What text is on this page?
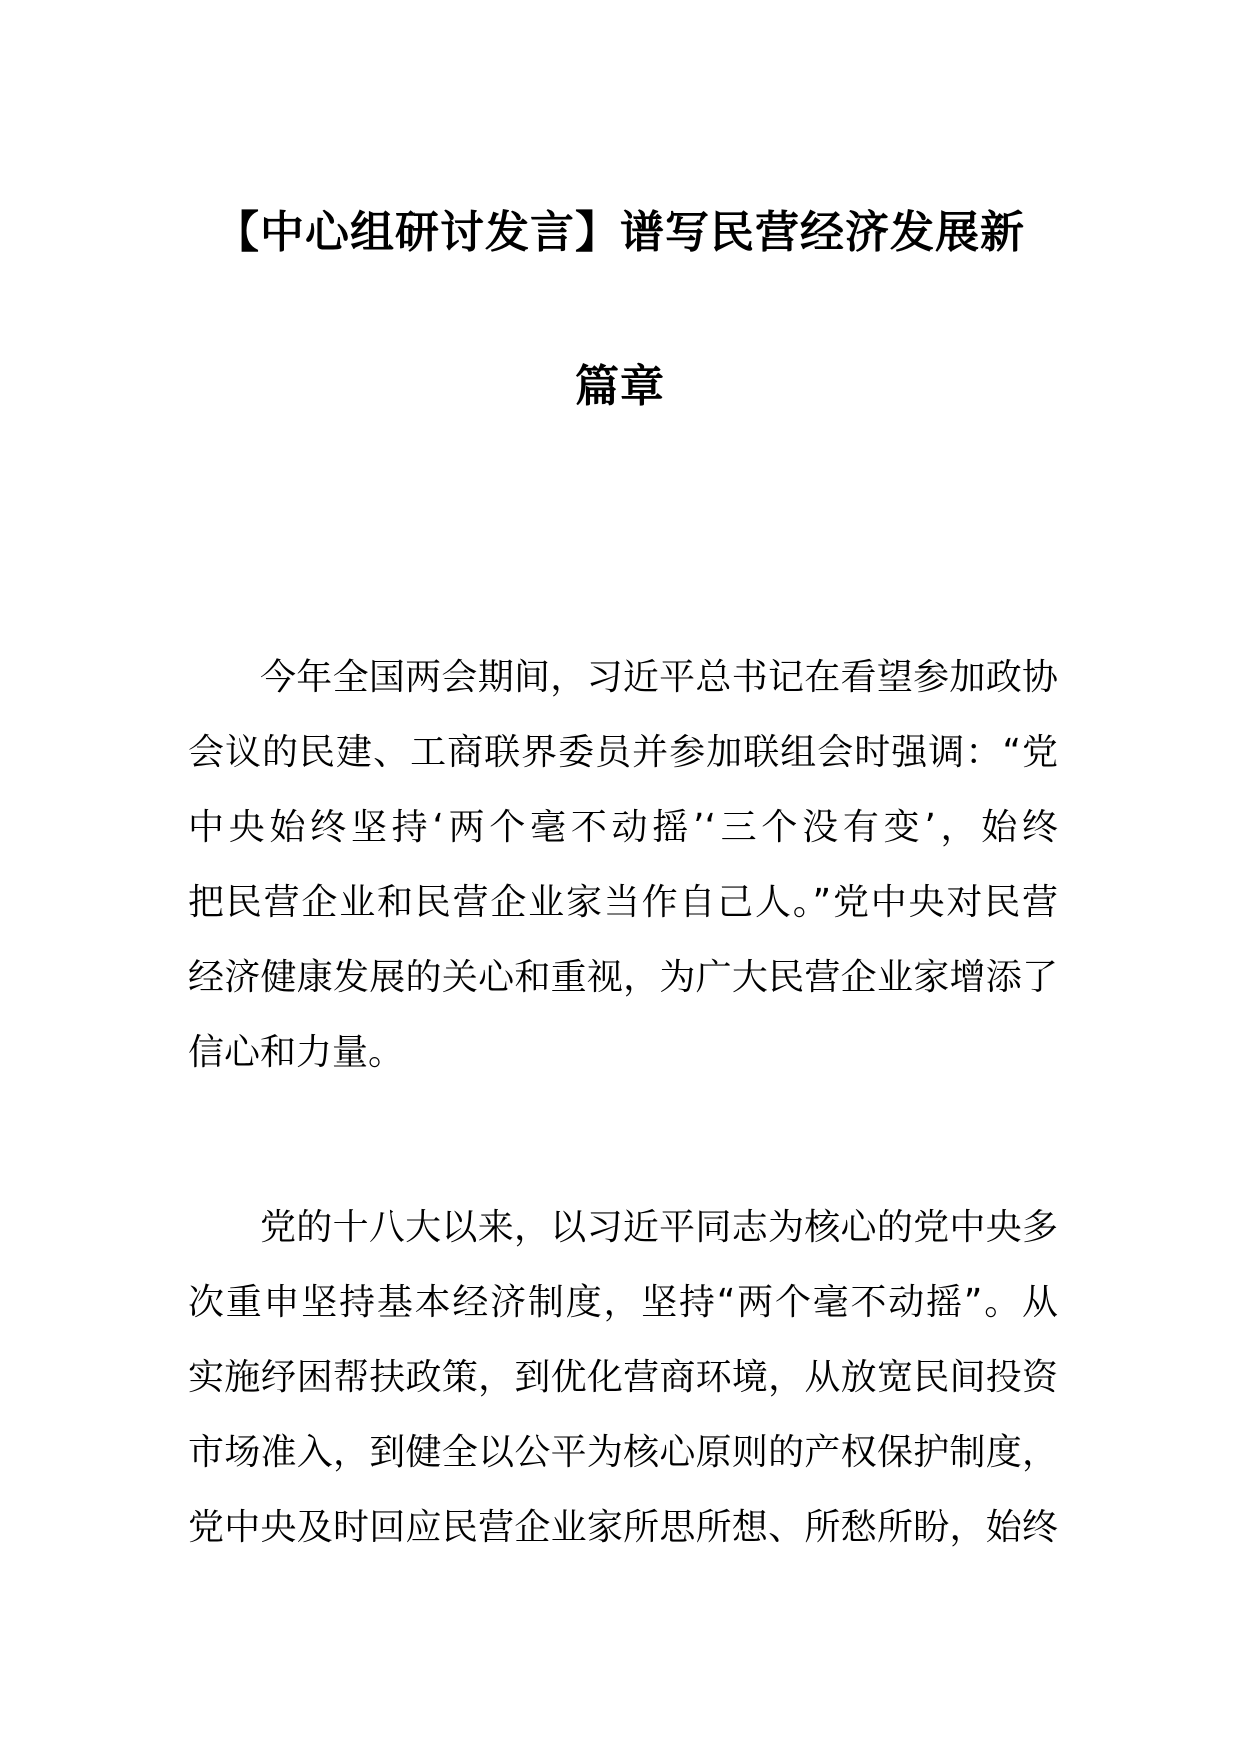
【中心组研讨发言】谱写民营经济发展新
篇章
今年全国两会期间，习近平总书记在看望参加政协
会议的民建、工商联界委员并参加联组会时强调：“党
中央始终坚持‘两个毫不动摇’‘三个没有变’，始终
把民营企业和民营企业家当作自己人。”党中央对民营
经济健康发展的关心和重视，为广大民营企业家增添了
信心和力量。
党的十八大以来，以习近平同志为核心的党中央多
次重申坚持基本经济制度，坚持“两个毫不动摇”。从
实施纾困帮扶政策，到优化营商环境，从放宽民间投资
市场准入，到健全以公平为核心原则的产权保护制度，
党中央及时回应民营企业家所思所想、所愁所盼，始终
